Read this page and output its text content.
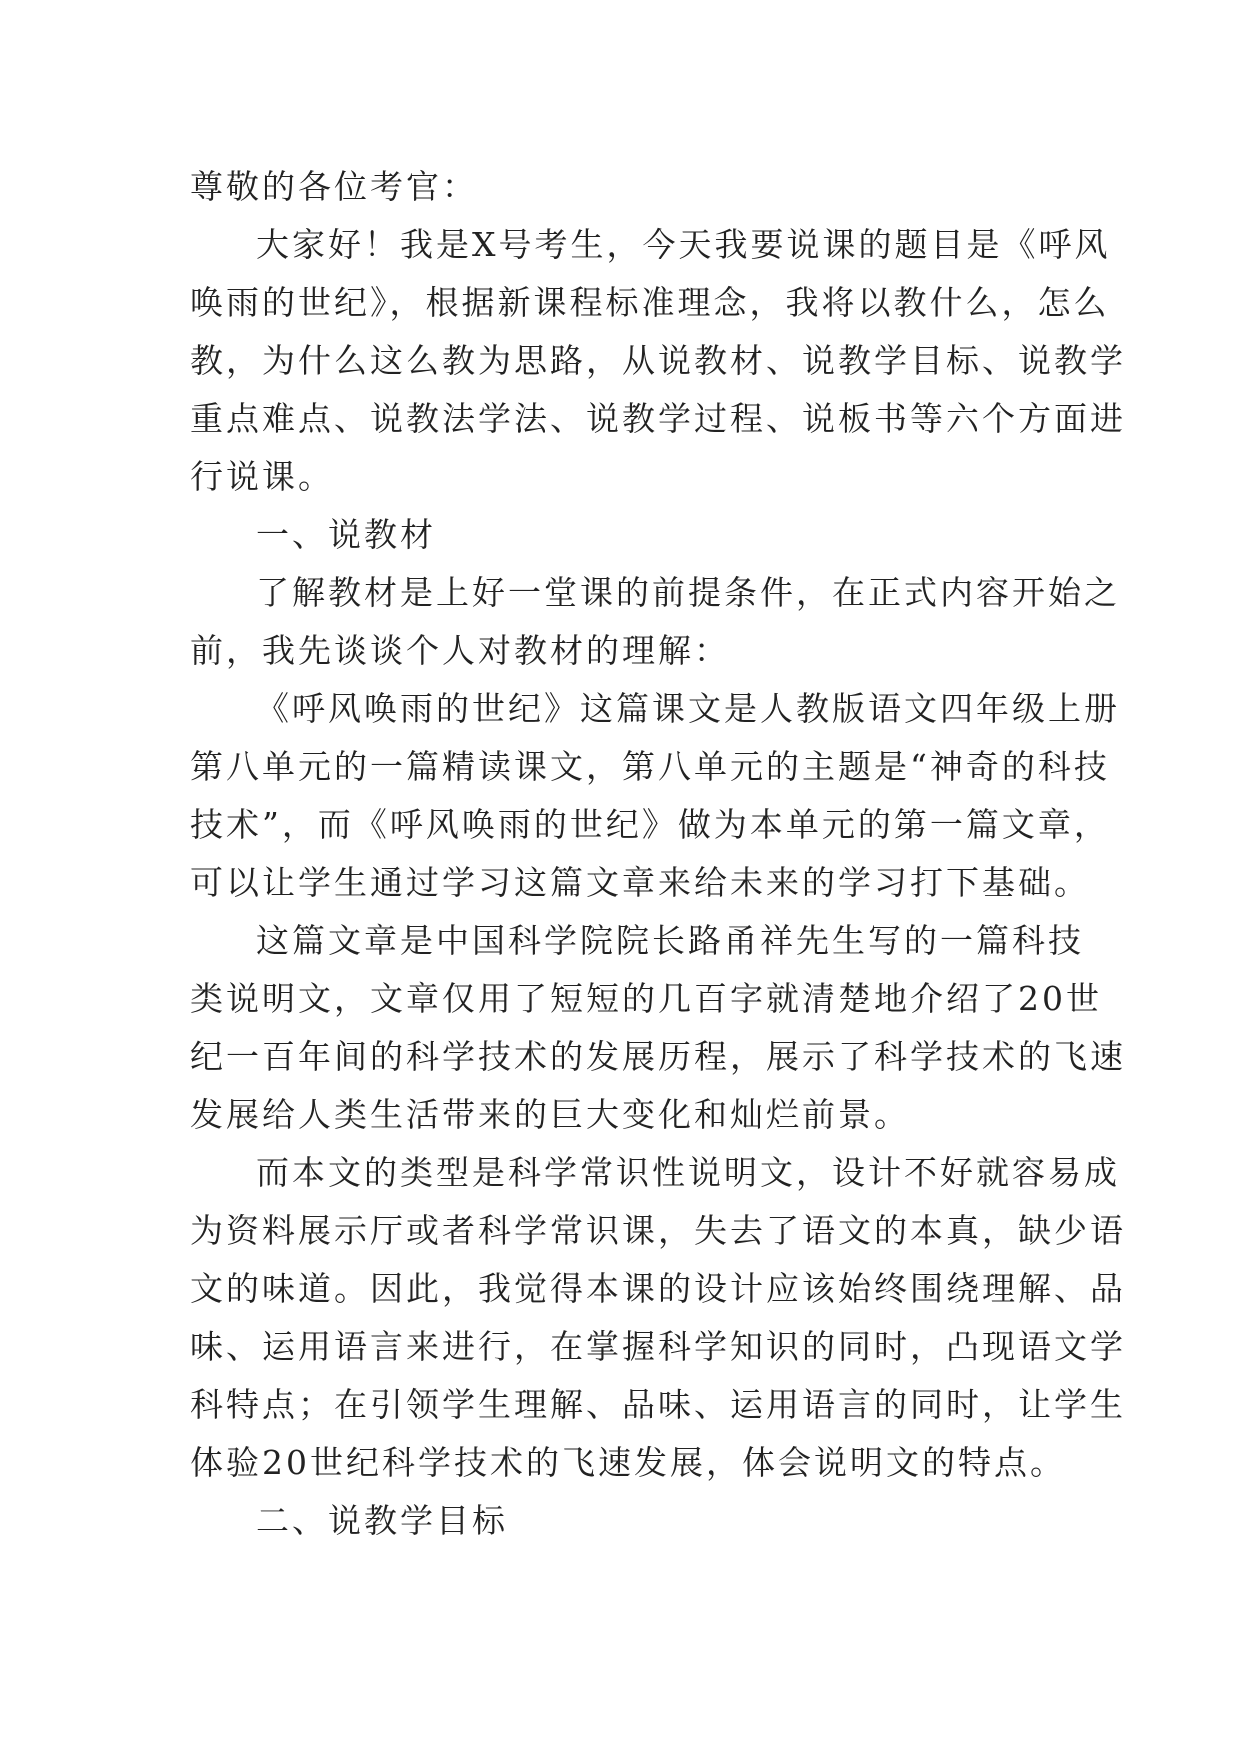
尊敬的各位考官：
大家好！我是X号考生，今天我要说课的题目是《呼风
唤雨的世纪》，根据新课程标准理念，我将以教什么，怎么
教，为什么这么教为思路，从说教材、说教学目标、说教学
重点难点、说教法学法、说教学过程、说板书等六个方面进
行说课。
一、说教材
了解教材是上好一堂课的前提条件，在正式内容开始之
前，我先谈谈个人对教材的理解：
《呼风唤雨的世纪》这篇课文是人教版语文四年级上册
第八单元的一篇精读课文，第八单元的主题是“神奇的科技
技术”，而《呼风唤雨的世纪》做为本单元的第一篇文章，
可以让学生通过学习这篇文章来给未来的学习打下基础。
这篇文章是中国科学院院长路甬祥先生写的一篇科技
类说明文，文章仅用了短短的几百字就清楚地介绍了20世
纪一百年间的科学技术的发展历程，展示了科学技术的飞速
发展给人类生活带来的巨大变化和灿烂前景。
而本文的类型是科学常识性说明文，设计不好就容易成
为资料展示厅或者科学常识课，失去了语文的本真，缺少语
文的味道。因此，我觉得本课的设计应该始终围绕理解、品
味、运用语言来进行，在掌握科学知识的同时，凸现语文学
科特点；在引领学生理解、品味、运用语言的同时，让学生
体验20世纪科学技术的飞速发展，体会说明文的特点。
二、说教学目标
